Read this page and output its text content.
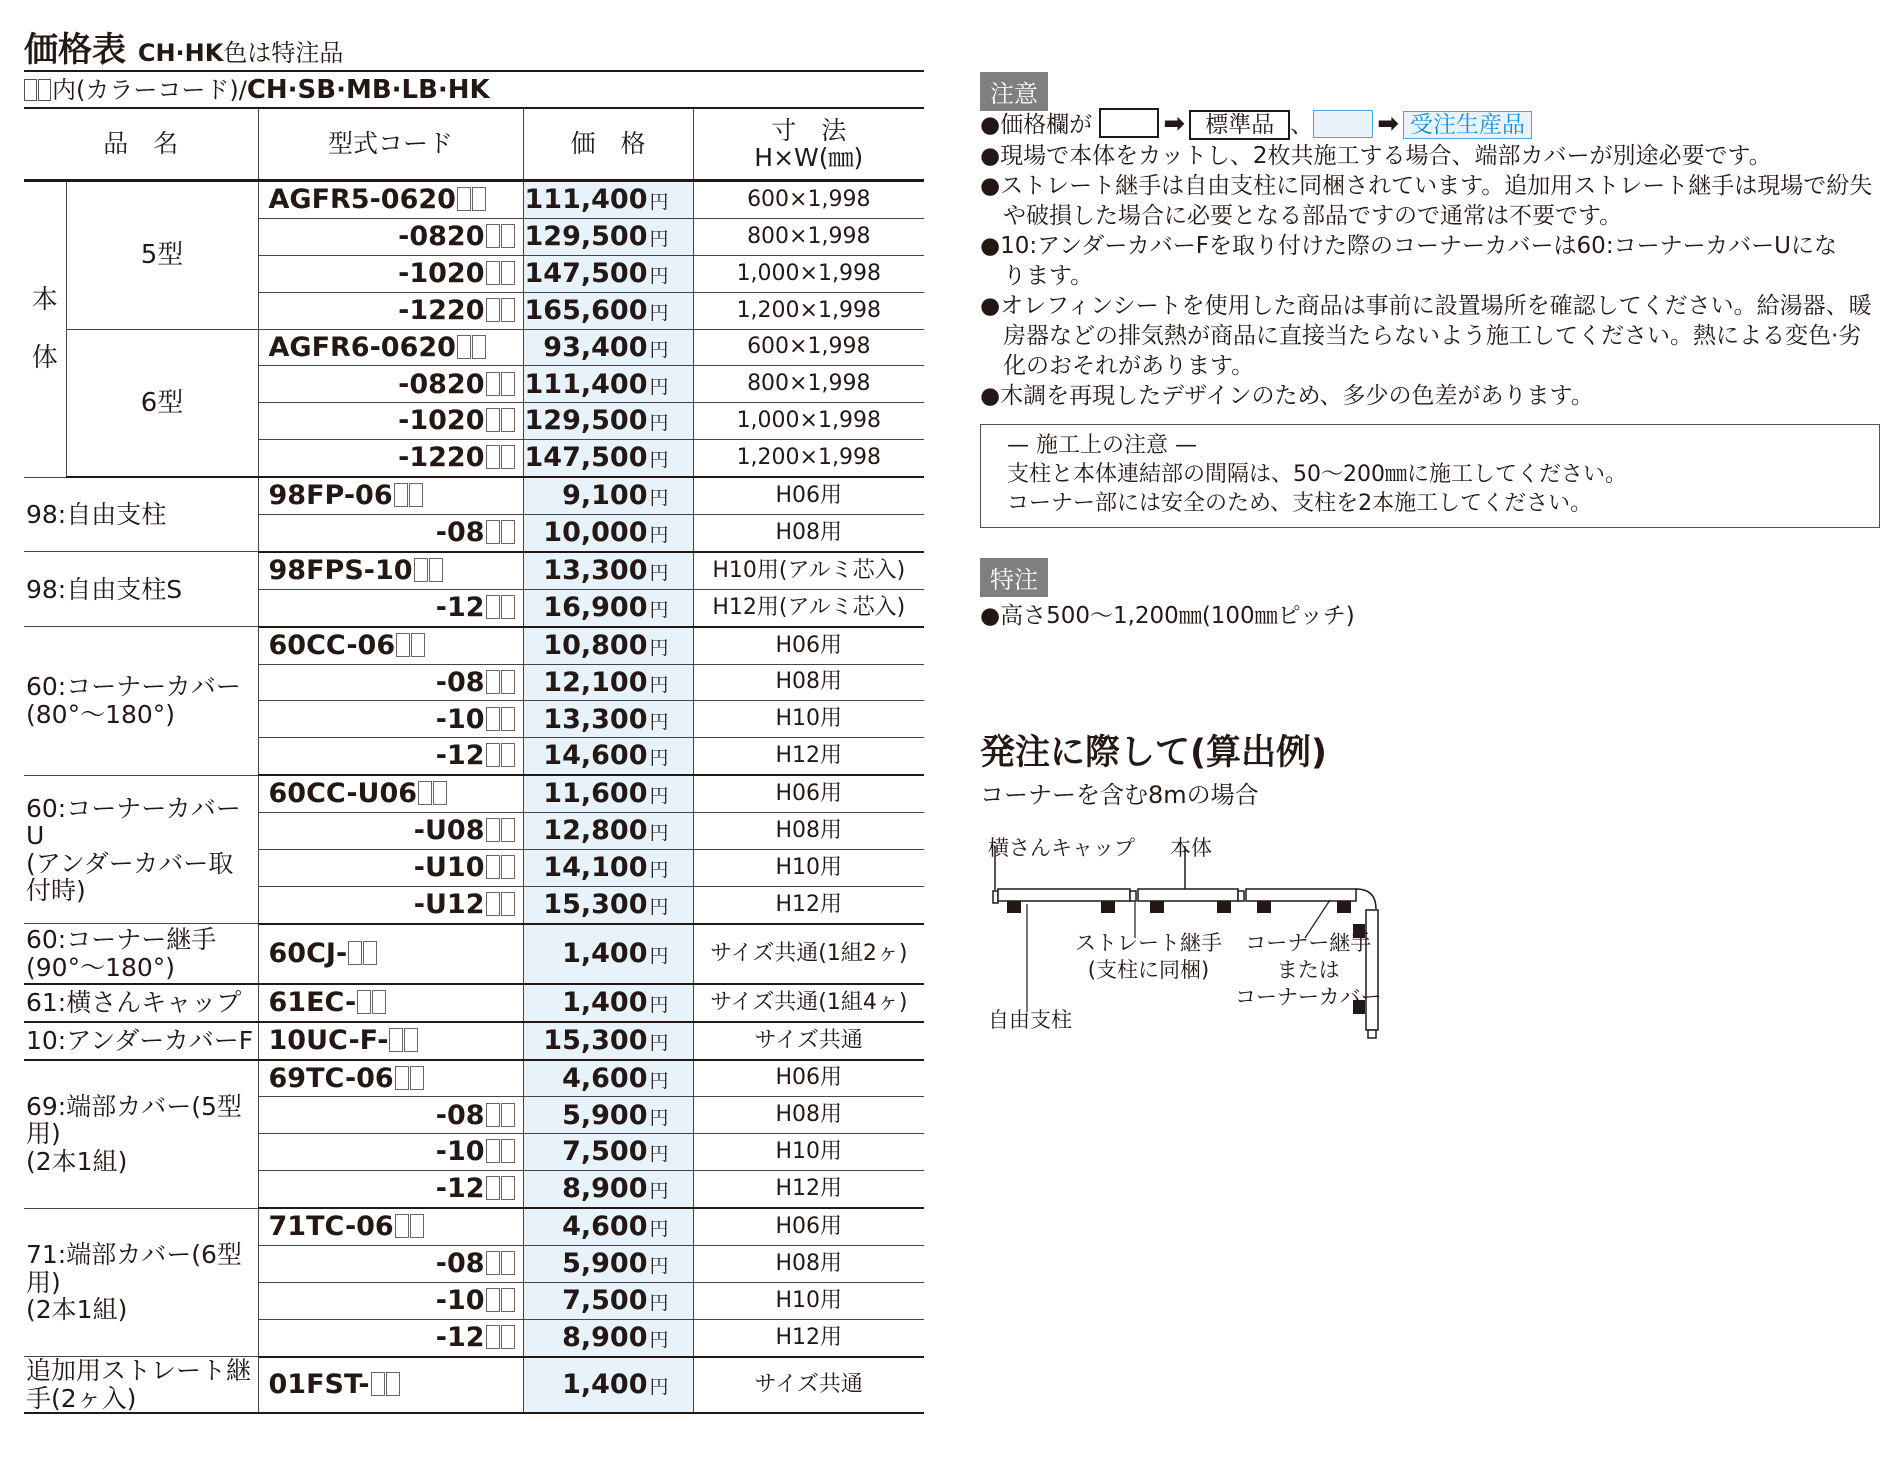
価格表 CH·HK色は特注品
内(カラーコード)/CH·SB·MB·LB·HK
品　名		型式コード	価　格	寸　法
H×W(㎜)
本

体	5型	AGFR5-0620	111,400 円	600×1,998
		-0820	129,500 円	800×1,998
		-1020	147,500 円	1,000×1,998
		-1220	165,600 円	1,200×1,998
	6型	AGFR6-0620	93,400 円	600×1,998
		-0820	111,400 円	800×1,998
		-1020	129,500 円	1,000×1,998
		-1220	147,500 円	1,200×1,998
98:自由支柱		98FP-06	9,100 円	H06用
		-08	10,000 円	H08用
98:自由支柱S		98FPS-10	13,300 円	H10用(アルミ芯入)
		-12	16,900 円	H12用(アルミ芯入)
60:コーナーカバー
(80°〜180°)		60CC-06	10,800 円	H06用
		-08	12,100 円	H08用
		-10	13,300 円	H10用
		-12	14,600 円	H12用
60:コーナーカバーU
(アンダーカバー取付時)		60CC-U06	11,600 円	H06用
		-U08	12,800 円	H08用
		-U10	14,100 円	H10用
		-U12	15,300 円	H12用
60:コーナー継手
(90°〜180°)		60CJ-	1,400 円	サイズ共通(1組2ヶ)
61:横さんキャップ		61EC-	1,400 円	サイズ共通(1組4ヶ)
10:アンダーカバーF		10UC-F-	15,300 円	サイズ共通
69:端部カバー(5型用)
(2本1組)		69TC-06	4,600 円	H06用
		-08	5,900 円	H08用
		-10	7,500 円	H10用
		-12	8,900 円	H12用
71:端部カバー(6型用)
(2本1組)		71TC-06	4,600 円	H06用
		-08	5,900 円	H08用
		-10	7,500 円	H10用
		-12	8,900 円	H12用
追加用ストレート継手(2ヶ入)		01FST-	1,400 円	サイズ共通
注意
●価格欄が	➡ 標準品 、 ➡ 受注生産品
●現場で本体をカットし、2枚共施工する場合、端部カバーが別途必要です。
●ストレート継手は自由支柱に同梱されています。追加用ストレート継手は現場で紛失
　や破損した場合に必要となる部品ですので通常は不要です。
●10:アンダーカバーFを取り付けた際のコーナーカバーは60:コーナーカバーUにな
　ります。
●オレフィンシートを使用した商品は事前に設置場所を確認してください。給湯器、暖
　房器などの排気熱が商品に直接当たらないよう施工してください。熱による変色·劣
　化のおそれがあります。
●木調を再現したデザインのため、多少の色差があります。
— 施工上の注意 —
支柱と本体連結部の間隔は、50〜200㎜に施工してください。
コーナー部には安全のため、支柱を2本施工してください。
特注
●高さ500〜1,200㎜(100㎜ピッチ)
発注に際して(算出例)
コーナーを含む8mの場合
横さんキャップ 本体
ストレート継手
(支柱に同梱)
コーナー継手
または
コーナーカバー
自由支柱
